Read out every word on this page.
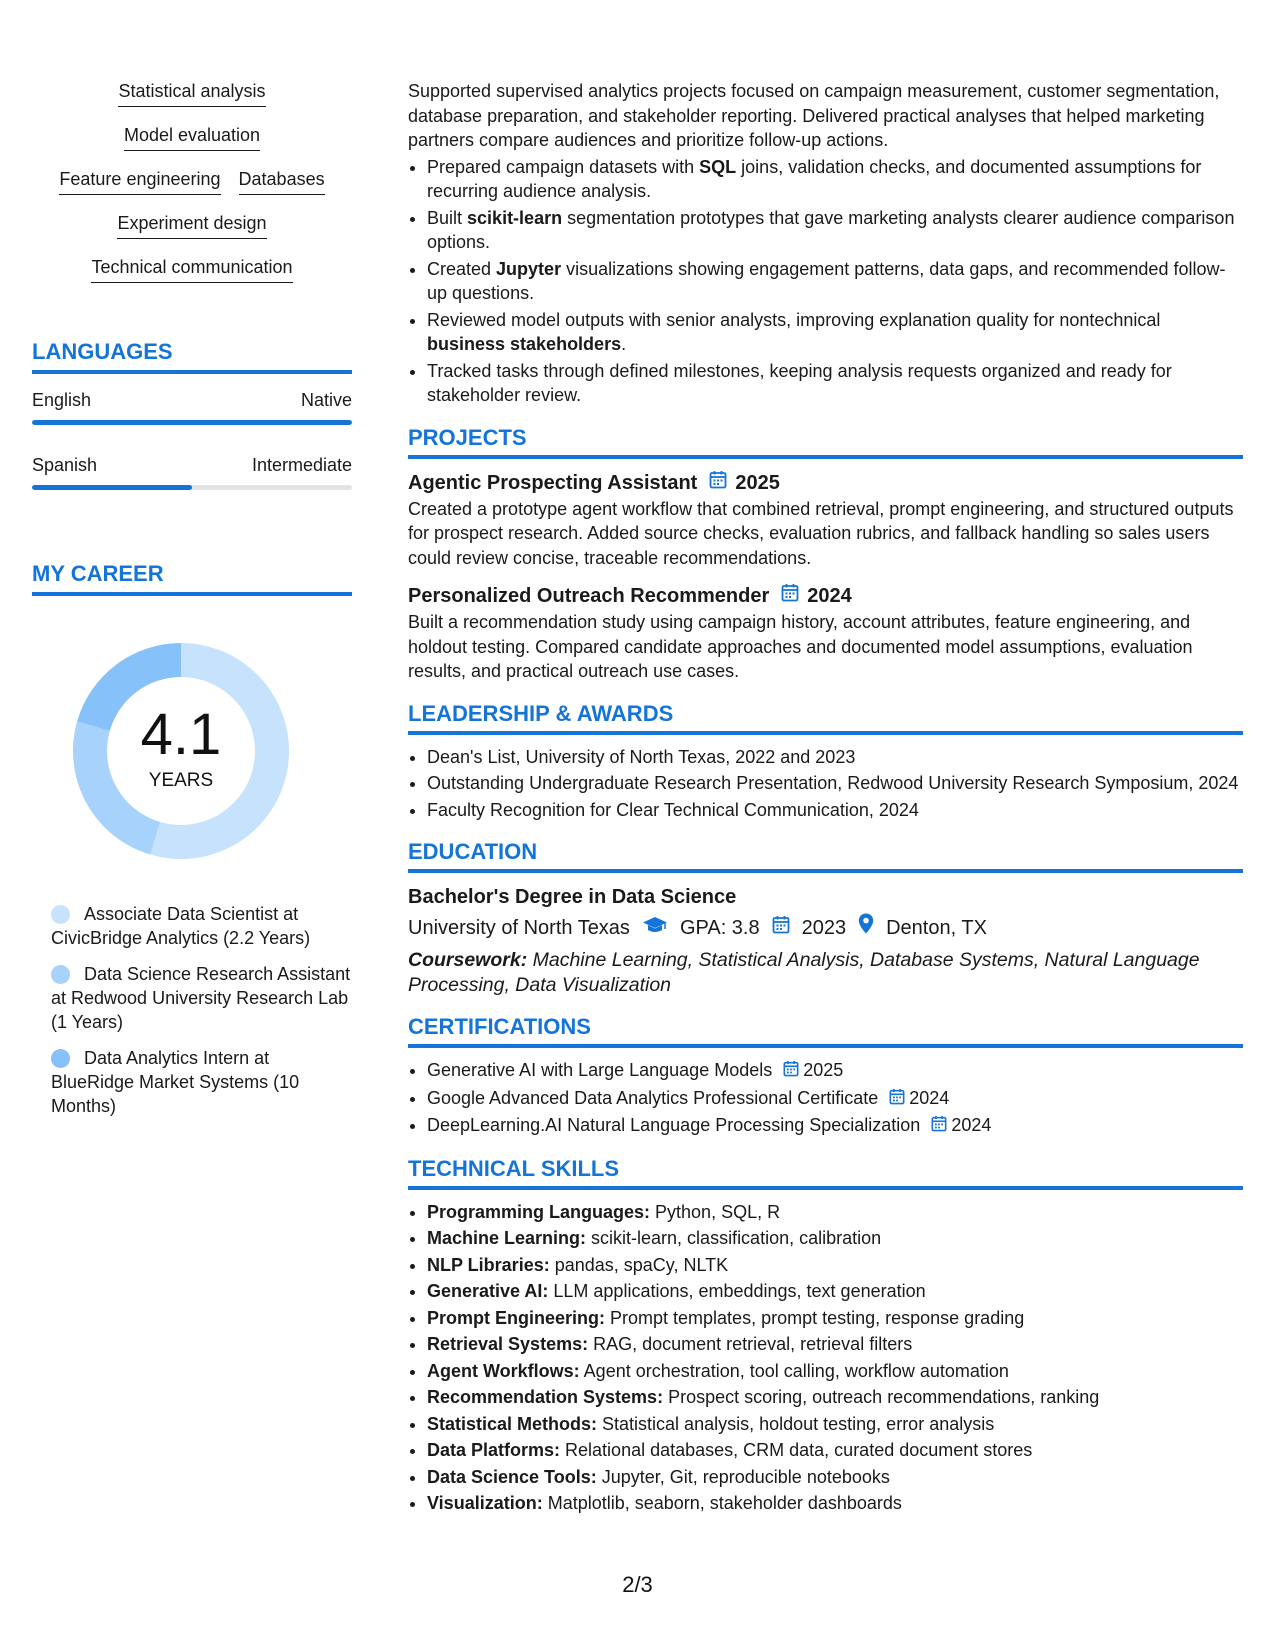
Statistical analysis
Model evaluation
Feature engineering Databases
Experiment design
Technical communication
LANGUAGES
English	Native
Spanish	Intermediate
MY CAREER
4.1
YEARS
Associate Data Scientist at CivicBridge Analytics (2.2 Years)
Data Science Research Assistant at Redwood University Research Lab (1 Years)
Data Analytics Intern at BlueRidge Market Systems (10 Months)

Supported supervised analytics projects focused on campaign measurement, customer segmentation, database preparation, and stakeholder reporting. Delivered practical analyses that helped marketing partners compare audiences and prioritize follow-up actions.

• Prepared campaign datasets with SQL joins, validation checks, and documented assumptions for recurring audience analysis.
• Built scikit-learn segmentation prototypes that gave marketing analysts clearer audience comparison options.
• Created Jupyter visualizations showing engagement patterns, data gaps, and recommended follow-up questions.
• Reviewed model outputs with senior analysts, improving explanation quality for nontechnical business stakeholders.
• Tracked tasks through defined milestones, keeping analysis requests organized and ready for stakeholder review.
PROJECTS
Agentic Prospecting Assistant 2025

Created a prototype agent workflow that combined retrieval, prompt engineering, and structured outputs for prospect research. Added source checks, evaluation rubrics, and fallback handling so sales users could review concise, traceable recommendations.

Personalized Outreach Recommender 2024

Built a recommendation study using campaign history, account attributes, feature engineering, and holdout testing. Compared candidate approaches and documented model assumptions, evaluation results, and practical outreach use cases.

LEADERSHIP & AWARDS
• Dean's List, University of North Texas, 2022 and 2023
• Outstanding Undergraduate Research Presentation, Redwood University Research Symposium, 2024
• Faculty Recognition for Clear Technical Communication, 2024
EDUCATION
Bachelor's Degree in Data Science
University of North Texas	GPA: 3.8 2023 Denton, TX
Coursework: Machine Learning, Statistical Analysis, Database Systems, Natural Language Processing, Data Visualization
CERTIFICATIONS
• Generative AI with Large Language Models 2025
• Google Advanced Data Analytics Professional Certificate 2024
• DeepLearning.AI Natural Language Processing Specialization 2024
TECHNICAL SKILLS
• Programming Languages: Python, SQL, R
• Machine Learning: scikit-learn, classification, calibration
• NLP Libraries: pandas, spaCy, NLTK
• Generative AI: LLM applications, embeddings, text generation
• Prompt Engineering: Prompt templates, prompt testing, response grading
• Retrieval Systems: RAG, document retrieval, retrieval filters
• Agent Workflows: Agent orchestration, tool calling, workflow automation
• Recommendation Systems: Prospect scoring, outreach recommendations, ranking
• Statistical Methods: Statistical analysis, holdout testing, error analysis
• Data Platforms: Relational databases, CRM data, curated document stores
• Data Science Tools: Jupyter, Git, reproducible notebooks
• Visualization: Matplotlib, seaborn, stakeholder dashboards
2/3
